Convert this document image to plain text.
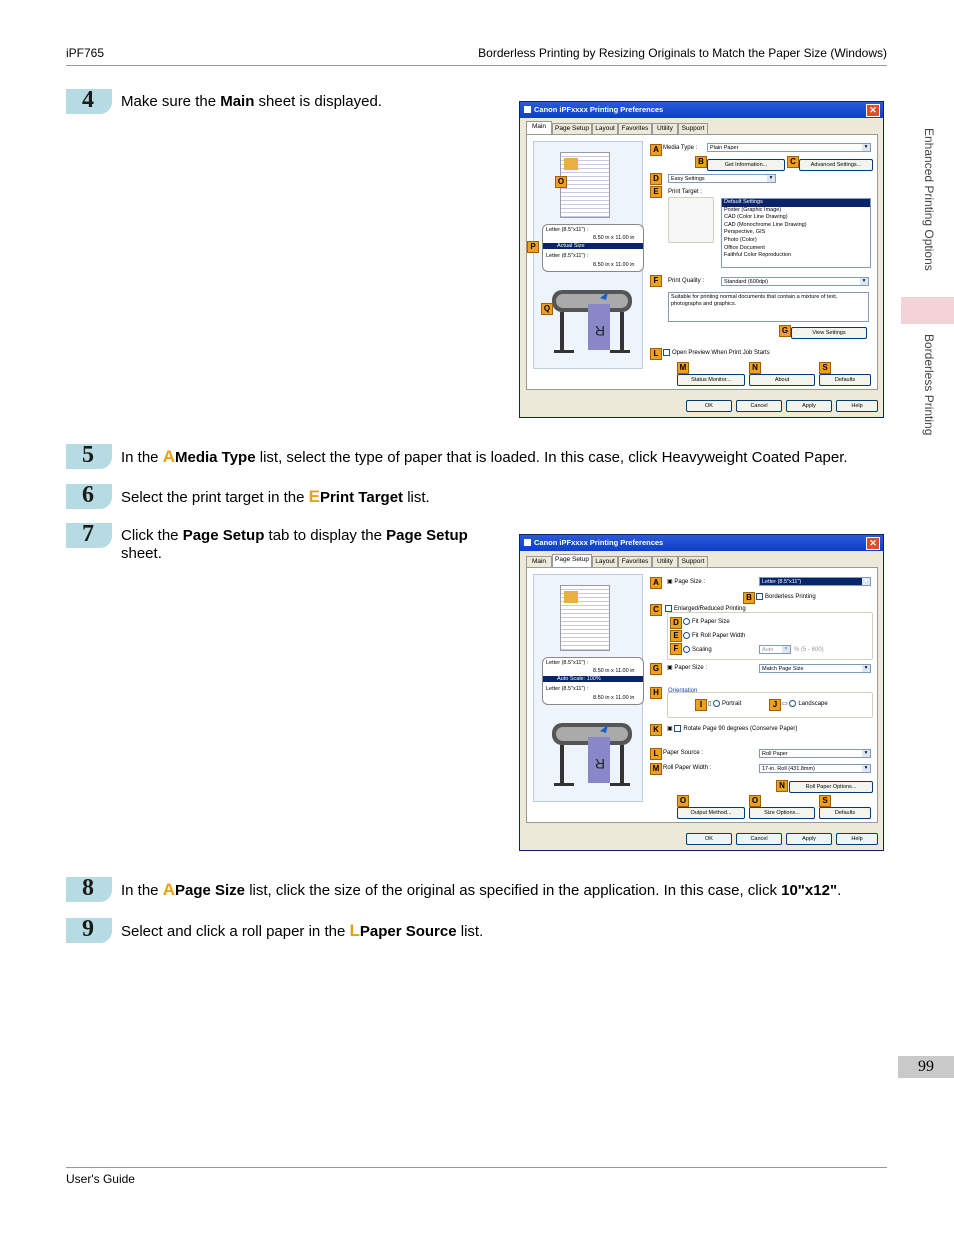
iPF765	Borderless Printing by Resizing Originals to Match the Paper Size (Windows)
Enhanced Printing Options
Borderless Printing
99
4 Make sure the Main sheet is displayed.	Canon iPFxxxx Printing Preferences	✕
Main	Page Setup Layout	Favorites	Utility	Support
Letter (8.5"x11") :
8.50 in x 11.00 in
Actual Size
Letter (8.5"x11") :
8.50 in x 11.00 in
R
O
P
Q
A Media Type :	Plain Paper ▾
B	Get Information...	C	Advanced Settings...
D	Easy Settings ▾
E	Print Target :
Default Settings
Poster (Graphic Image)
CAD (Color Line Drawing)
CAD (Monochrome Line Drawing)
Perspective, GIS
Photo (Color)
Office Document
Faithful Color Reproduction
F	Print Quality :	Standard (600dpi) ▾
Suitable for printing normal documents that contain a mixture of text, photographs and graphics.
G	View Settings
L	Open Preview When Print Job Starts
M	N	S
Status Monitor...	About	Defaults
OK	Cancel	Apply	Help
5 In the AMedia Type list, select the type of paper that is loaded. In this case, click Heavyweight Coated Paper.
6 Select the print target in the EPrint Target list.
7 Click the Page Setup tab to display the Page Setup sheet.
Canon iPFxxxx Printing Preferences	✕
Main	Page Setup Layout	Favorites	Utility	Support
Letter (8.5"x11") :
8.50 in x 11.00 in
Auto Scale: 100%
Letter (8.5"x11") :
8.50 in x 11.00 in
R
A	▣ Page Size :	Letter (8.5"x11") ▾
B	Borderless Printing
C	Enlarged/Reduced Printing
D	Fit Paper Size
E	Fit Roll Paper Width
F	Scaling	Auto ▾	% (5 - 600)
G	▣ Paper Size :	Match Page Size ▾
H	Orientation
I ▯ Portrait	J ▭ Landscape
K	▣ Rotate Page 90 degrees (Conserve Paper)
L Paper Source :	Roll Paper ▾
M Roll Paper Width :	17-in. Roll (431.8mm) ▾
N	Roll Paper Options...
O	O	S
Output Method...	Size Options...	Defaults
OK	Cancel	Apply	Help
8 In the APage Size list, click the size of the original as specified in the application. In this case, click 10"x12".
9 Select and click a roll paper in the LPaper Source list.
User's Guide
